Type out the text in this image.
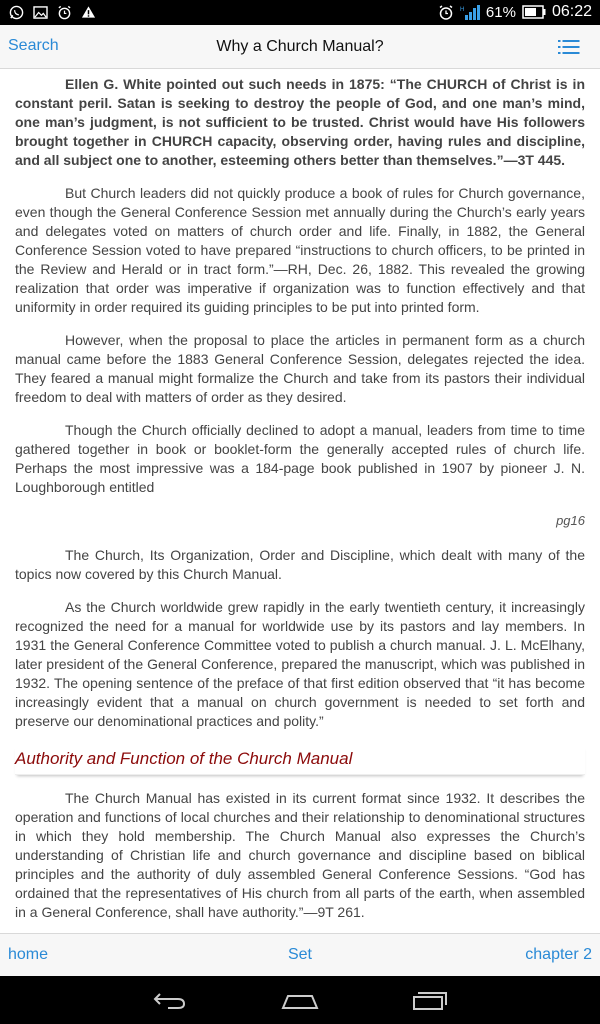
H 61% 06:22
Search	Why a Church Manual?

Ellen G. White pointed out such needs in 1875: “The CHURCH of Christ is in constant peril. Satan is seeking to destroy the people of God, and one man’s mind, one man’s judgment, is not sufficient to be trusted. Christ would have His followers brought together in CHURCH capacity, observing order, having rules and discipline, and all subject one to another, esteeming others better than themselves.”—3T 445.

But Church leaders did not quickly produce a book of rules for Church governance, even though the General Conference Session met annually during the Church’s early years and delegates voted on matters of church order and life. Finally, in 1882, the General Conference Session voted to have prepared “instructions to church officers, to be printed in the Review and Herald or in tract form.”—RH, Dec. 26, 1882. This revealed the growing realization that order was imperative if organization was to function effectively and that uniformity in order required its guiding principles to be put into printed form.

However, when the proposal to place the articles in permanent form as a church manual came before the 1883 General Conference Session, delegates rejected the idea. They feared a manual might formalize the Church and take from its pastors their individual freedom to deal with matters of order as they desired.

Though the Church officially declined to adopt a manual, leaders from time to time gathered together in book or booklet-form the generally accepted rules of church life. Perhaps the most impressive was a 184-page book published in 1907 by pioneer J. N. Loughborough entitled

pg16

The Church, Its Organization, Order and Discipline, which dealt with many of the topics now covered by this Church Manual.

As the Church worldwide grew rapidly in the early twentieth century, it increasingly recognized the need for a manual for worldwide use by its pastors and lay members. In 1931 the General Conference Committee voted to publish a church manual. J. L. McElhany, later president of the General Conference, prepared the manuscript, which was published in 1932. The opening sentence of the preface of that first edition observed that “it has become increasingly evident that a manual on church government is needed to set forth and preserve our denominational practices and polity.”

Authority and Function of the Church Manual

The Church Manual has existed in its current format since 1932. It describes the operation and functions of local churches and their relationship to denominational structures in which they hold membership. The Church Manual also expresses the Church’s understanding of Christian life and church governance and discipline based on biblical principles and the authority of duly assembled General Conference Sessions. “God has ordained that the representatives of His church from all parts of the earth, when assembled in a General Conference, shall have authority.”—9T 261.

home	Set	chapter 2
